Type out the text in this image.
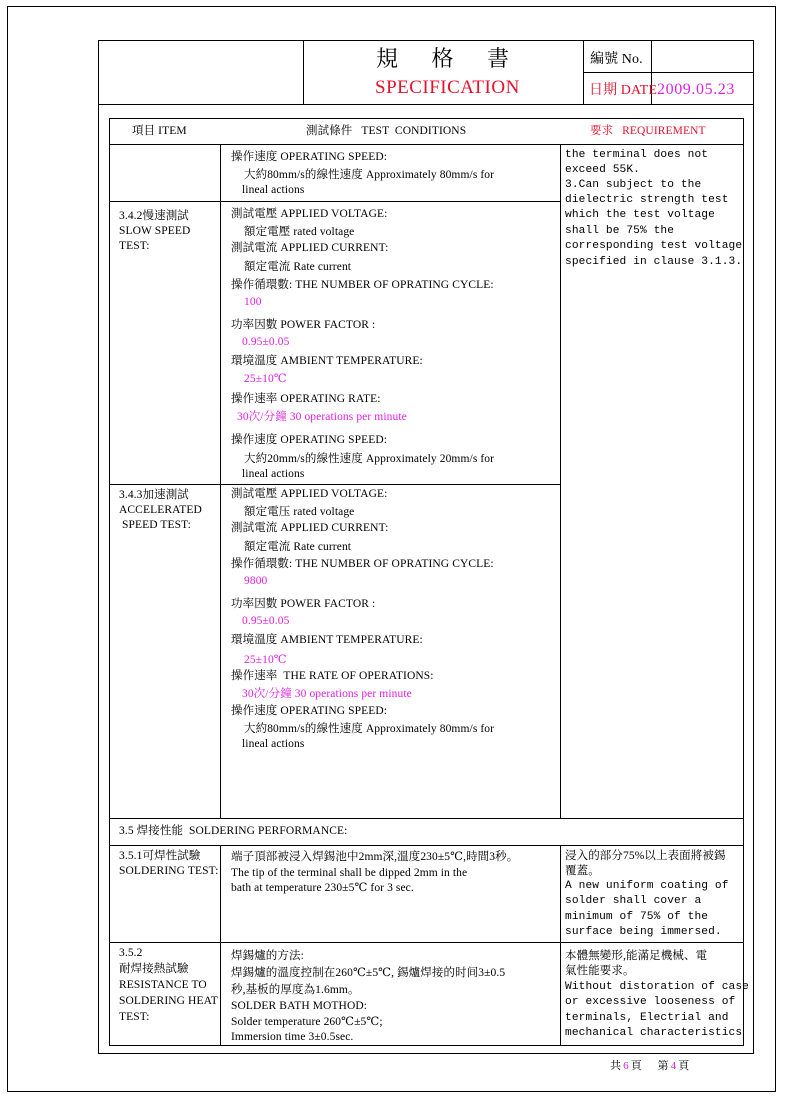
規 格 書
SPECIFICATION
編號 No.
日期 DATE 2009.05.23
項目 ITEM	測試條件   TEST  CONDITIONS	要求   REQUIREMENT
操作速度 OPERATING SPEED:
大約80mm/s的線性速度 Approximately 80mm/s for
lineal actions
the terminal does not
exceed 55K.
3.Can subject to the
dielectric strength test
which the test voltage
shall be 75% the
corresponding test voltage
specified in clause 3.1.3.
3.4.2慢速測試
SLOW SPEED
TEST:
測試電壓 APPLIED VOLTAGE:
額定電壓 rated voltage
測試電流 APPLIED CURRENT:
額定電流 Rate current
操作循環數: THE NUMBER OF OPRATING CYCLE:
100
功率因數 POWER FACTOR :
0.95±0.05
環境溫度 AMBIENT TEMPERATURE:
25±10℃
操作速率 OPERATING RATE:
30次/分鐘 30 operations per minute
操作速度 OPERATING SPEED:
大約20mm/s的線性速度 Approximately 20mm/s for
lineal actions
3.4.3加速測試
ACCELERATED
SPEED TEST:
測試電壓 APPLIED VOLTAGE:
額定電压 rated voltage
測試電流 APPLIED CURRENT:
額定電流 Rate current
操作循環數: THE NUMBER OF OPRATING CYCLE:
9800
功率因數 POWER FACTOR :
0.95±0.05
環境溫度 AMBIENT TEMPERATURE:
25±10℃
操作速率  THE RATE OF OPERATIONS:
30次/分鐘 30 operations per minute
操作速度 OPERATING SPEED:
大約80mm/s的線性速度 Approximately 80mm/s for
lineal actions
3.5 焊接性能  SOLDERING PERFORMANCE:
3.5.1可焊性試驗
SOLDERING TEST:
端子頂部被浸入焊錫池中2mm深,溫度230±5℃,時間3秒。
The tip of the terminal shall be dipped 2mm in the
bath at temperature 230±5℃ for 3 sec.
浸入的部分75%以上表面將被錫
覆蓋。
A new uniform coating of
solder shall cover a
minimum of 75% of the
surface being immersed.
3.5.2
耐焊接熱試驗
RESISTANCE TO
SOLDERING HEAT
TEST:
焊錫爐的方法:
焊錫爐的溫度控制在260℃±5℃, 錫爐焊接的时间3±0.5
秒,基板的厚度為1.6mm。
SOLDER BATH MOTHOD:
Solder temperature 260℃±5℃;
Immersion time 3±0.5sec.
本體無變形,能滿足機械、電
氣性能要求。
Without distoration of case
or excessive looseness of
terminals, Electrial and
mechanical characteristics
共 6 頁 第 4 頁
